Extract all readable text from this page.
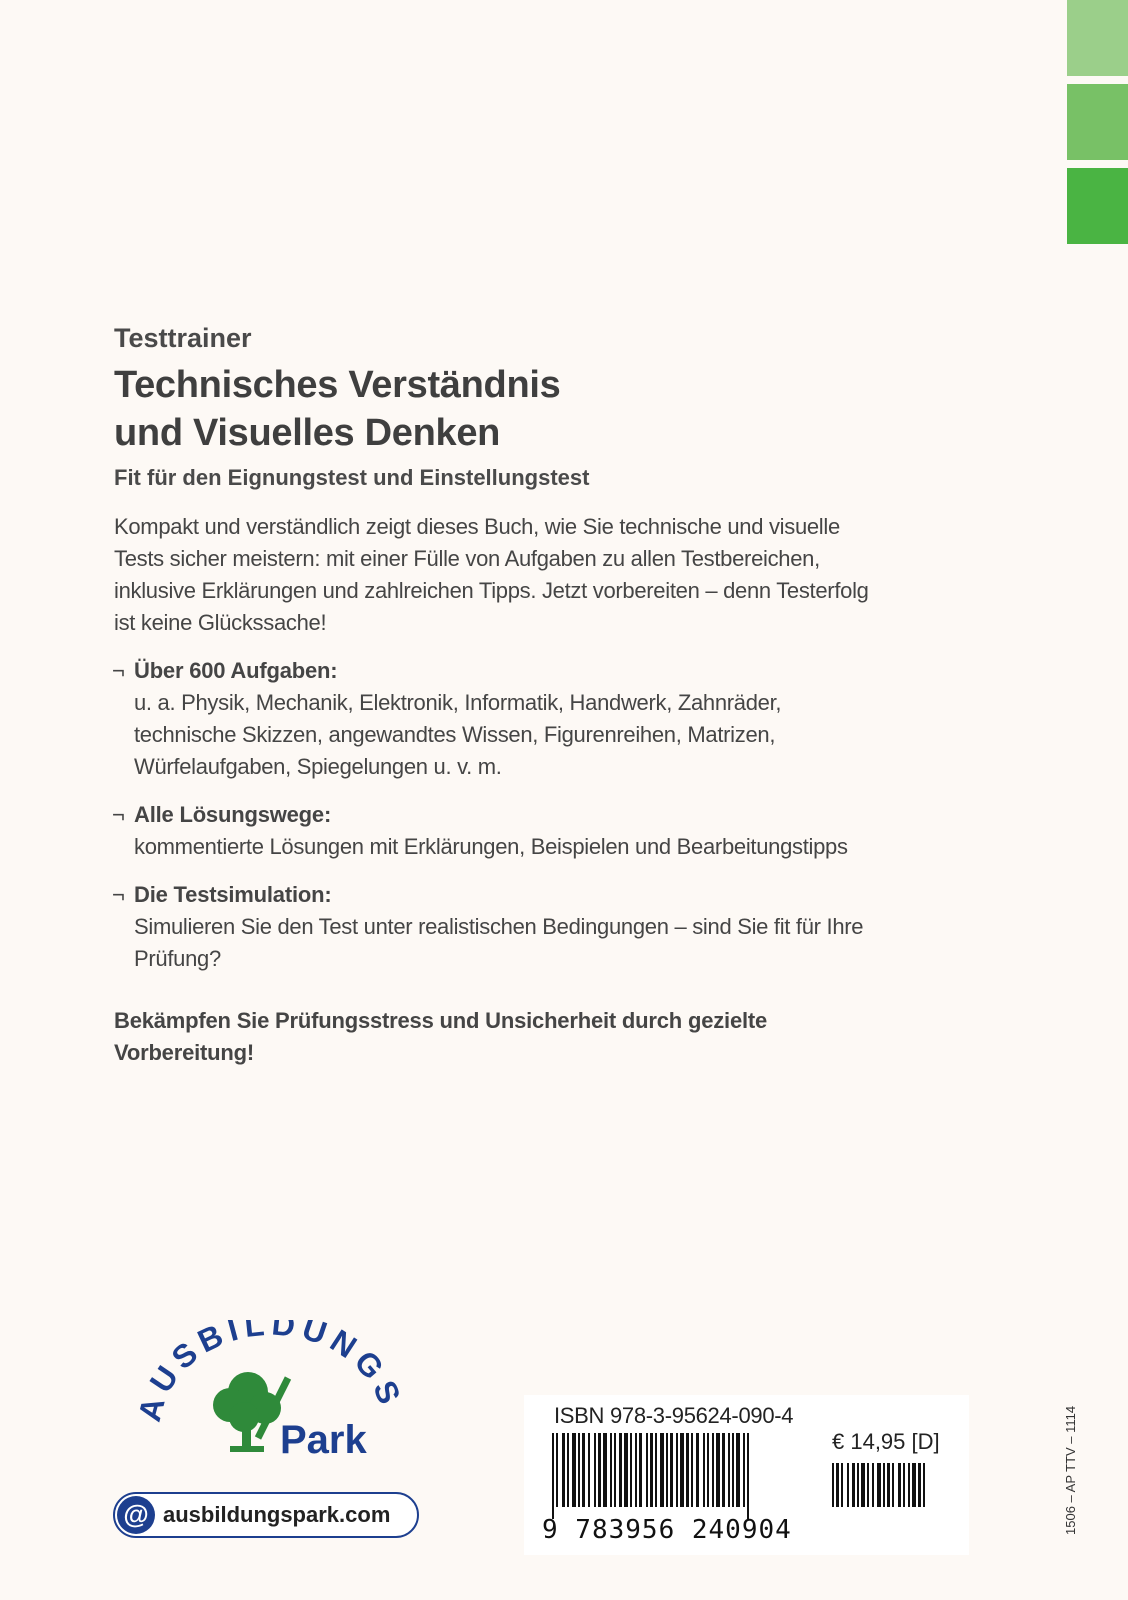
Testtrainer

Technisches Verständnis

und Visuelles Denken

Fit für den Eignungstest und Einstellungstest

Kompakt und verständlich zeigt dieses Buch, wie Sie technische und visuelle Tests sicher meistern: mit einer Fülle von Aufgaben zu allen Testbereichen, inklusive Erklärungen und zahlreichen Tipps. Jetzt vorbereiten – denn Testerfolg ist keine Glückssache!

¬ Über 600 Aufgaben:
u. a. Physik, Mechanik, Elektronik, Informatik, Handwerk, Zahnräder, technische Skizzen, angewandtes Wissen, Figurenreihen, Matrizen, Würfelaufgaben, Spiegelungen u. v. m.
¬ Alle Lösungswege:
kommentierte Lösungen mit Erklärungen, Beispielen und Bearbeitungstipps
¬ Die Testsimulation:
Simulieren Sie den Test unter realistischen Bedingungen – sind Sie fit für Ihre Prüfung?
Bekämpfen Sie Prüfungsstress und Unsicherheit durch gezielte Vorbereitung!
AUSBILDUNGS
Park
@ ausbildungspark.com
ISBN 978-3-95624-090-4
€ 14,95 [D]
9 783956 240904	1506 – AP TTV – 1114
